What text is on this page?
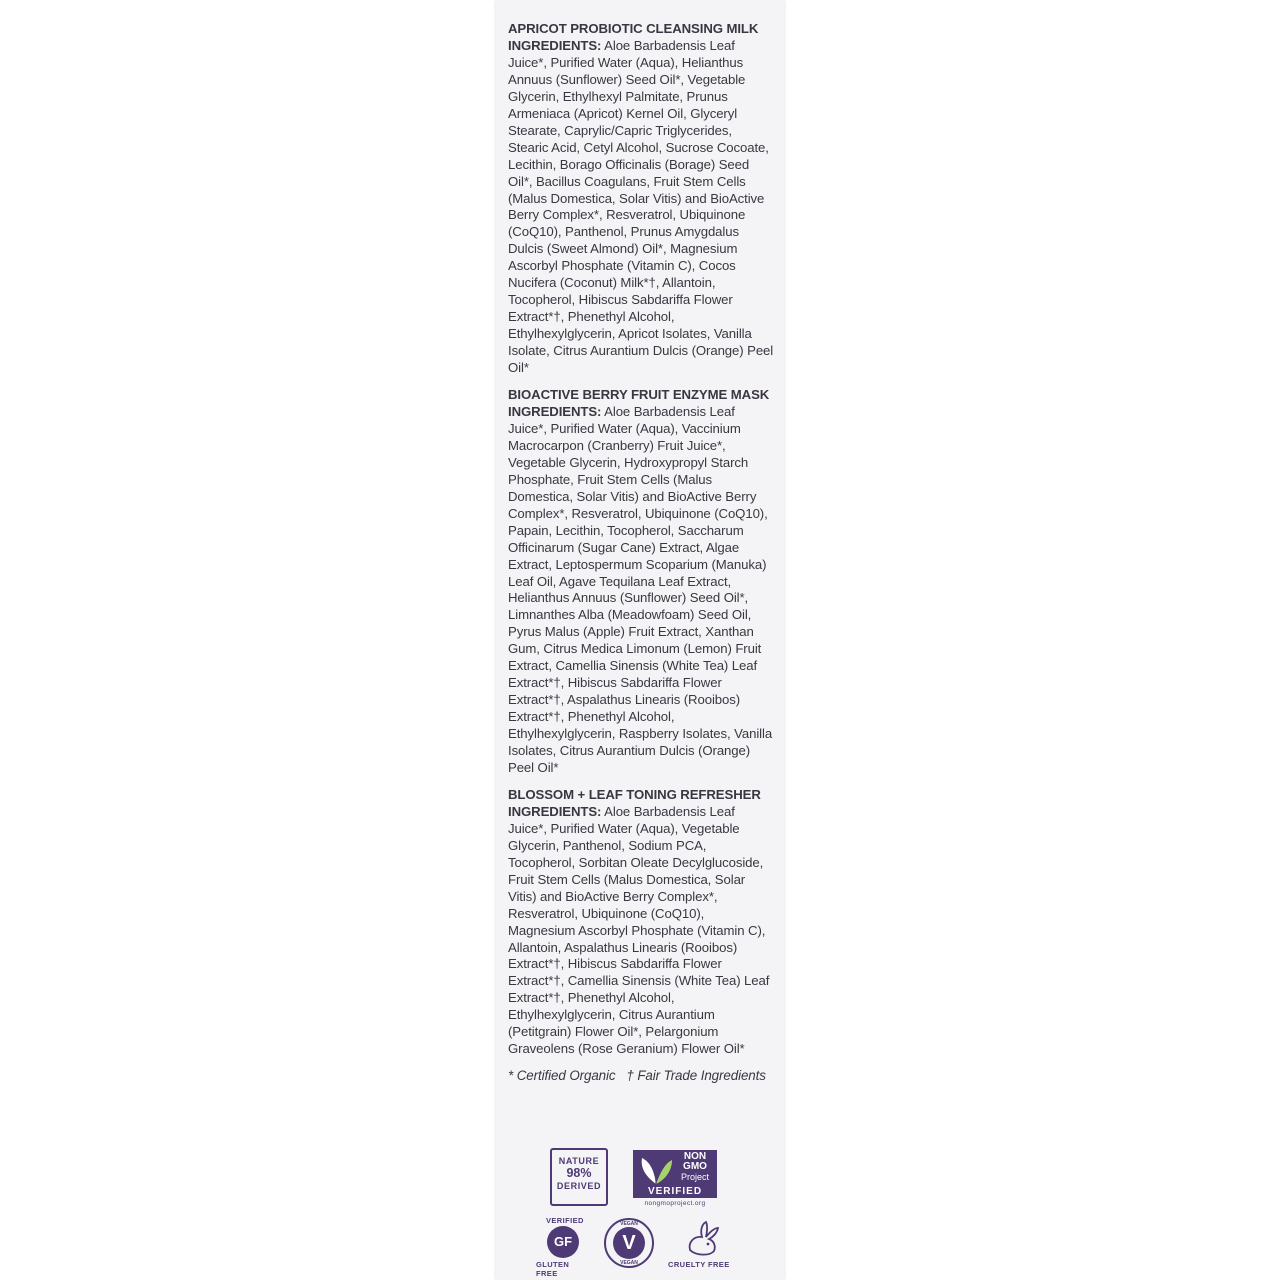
APRICOT PROBIOTIC CLEANSING MILK INGREDIENTS: Aloe Barbadensis Leaf Juice*, Purified Water (Aqua), Helianthus Annuus (Sunflower) Seed Oil*, Vegetable Glycerin, Ethylhexyl Palmitate, Prunus Armeniaca (Apricot) Kernel Oil, Glyceryl Stearate, Caprylic/Capric Triglycerides, Stearic Acid, Cetyl Alcohol, Sucrose Cocoate, Lecithin, Borago Officinalis (Borage) Seed Oil*, Bacillus Coagulans, Fruit Stem Cells (Malus Domestica, Solar Vitis) and BioActive Berry Complex*, Resveratrol, Ubiquinone (CoQ10), Panthenol, Prunus Amygdalus Dulcis (Sweet Almond) Oil*, Magnesium Ascorbyl Phosphate (Vitamin C), Cocos Nucifera (Coconut) Milk*†, Allantoin, Tocopherol, Hibiscus Sabdariffa Flower Extract*†, Phenethyl Alcohol, Ethylhexylglycerin, Apricot Isolates, Vanilla Isolate, Citrus Aurantium Dulcis (Orange) Peel Oil*
BIOACTIVE BERRY FRUIT ENZYME MASK INGREDIENTS: Aloe Barbadensis Leaf Juice*, Purified Water (Aqua), Vaccinium Macrocarpon (Cranberry) Fruit Juice*, Vegetable Glycerin, Hydroxypropyl Starch Phosphate, Fruit Stem Cells (Malus Domestica, Solar Vitis) and BioActive Berry Complex*, Resveratrol, Ubiquinone (CoQ10), Papain, Lecithin, Tocopherol, Saccharum Officinarum (Sugar Cane) Extract, Algae Extract, Leptospermum Scoparium (Manuka) Leaf Oil, Agave Tequilana Leaf Extract, Helianthus Annuus (Sunflower) Seed Oil*, Limnanthes Alba (Meadowfoam) Seed Oil, Pyrus Malus (Apple) Fruit Extract, Xanthan Gum, Citrus Medica Limonum (Lemon) Fruit Extract, Camellia Sinensis (White Tea) Leaf Extract*†, Hibiscus Sabdariffa Flower Extract*†, Aspalathus Linearis (Rooibos) Extract*†, Phenethyl Alcohol, Ethylhexylglycerin, Raspberry Isolates, Vanilla Isolates, Citrus Aurantium Dulcis (Orange) Peel Oil*
BLOSSOM + LEAF TONING REFRESHER INGREDIENTS: Aloe Barbadensis Leaf Juice*, Purified Water (Aqua), Vegetable Glycerin, Panthenol, Sodium PCA, Tocopherol, Sorbitan Oleate Decylglucoside, Fruit Stem Cells (Malus Domestica, Solar Vitis) and BioActive Berry Complex*, Resveratrol, Ubiquinone (CoQ10), Magnesium Ascorbyl Phosphate (Vitamin C), Allantoin, Aspalathus Linearis (Rooibos) Extract*†, Hibiscus Sabdariffa Flower Extract*†, Camellia Sinensis (White Tea) Leaf Extract*†, Phenethyl Alcohol, Ethylhexylglycerin, Citrus Aurantium (Petitgrain) Flower Oil*, Pelargonium Graveolens (Rose Geranium) Flower Oil*
* Certified Organic   † Fair Trade Ingredients
NATURE
98%
DERIVED
NON
GMO
Project
VERIFIED
nongmoproject.org
VERIFIED
GF
GLUTEN FREE
VEGAN
V
VEGAN	CRUELTY FREE
